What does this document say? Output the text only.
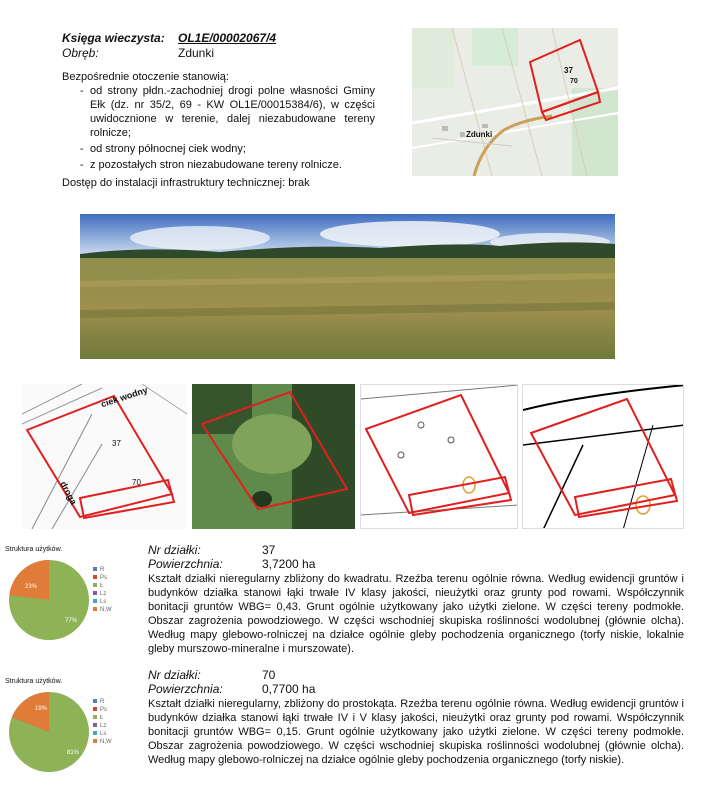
Księga wieczysta: OL1E/00002067/4
Obręb:	Zdunki
Bezpośrednie otoczenie stanowią:
- od strony płdn.-zachodniej drogi polne własności Gminy Ełk (dz. nr 35/2, 69 - KW OL1E/00015384/6), w części uwidocznione w terenie, dalej niezabudowane tereny rolnicze;
- od strony północnej ciek wodny;
- z pozostałych stron niezabudowane tereny rolnicze.
Dostęp do instalacji infrastruktury technicznej: brak
37
70
Zdunki
ciek wodny
37
70
droga
Struktura użytków.
23%
77%
R
Ps
Ł
Lz
Ls
N,W
Nr działki:	37
Powierzchnia:	3,7200 ha
Kształt działki nieregularny zbliżony do kwadratu. Rzeźba terenu ogólnie równa. Według ewidencji gruntów i budynków działka stanowi łąki trwałe IV klasy jakości, nieużytki oraz grunty pod rowami. Współczynnik bonitacji gruntów WBG= 0,43. Grunt ogólnie użytkowany jako użytki zielone. W części tereny podmokłe. Obszar zagrożenia powodziowego. W części wschodniej skupiska roślinności wodolubnej (głównie olcha). Według mapy glebowo-rolniczej na działce ogólnie gleby pochodzenia organicznego (torfy niskie, lokalnie gleby murszowo-mineralne i murszowate).
Struktura użytków.
19%
81%
R
Ps
Ł
Lz
Ls
N,W
Nr działki:	70
Powierzchnia:	0,7700 ha
Kształt działki nieregularny, zbliżony do prostokąta. Rzeźba terenu ogólnie równa. Według ewidencji gruntów i budynków działka stanowi łąki trwałe IV i V klasy jakości, nieużytki oraz grunty pod rowami. Współczynnik bonitacji gruntów WBG= 0,15. Grunt ogólnie użytkowany jako użytki zielone. W części tereny podmokłe. Obszar zagrożenia powodziowego. W części wschodniej skupiska roślinności wodolubnej (głównie olcha). Według mapy glebowo-rolniczej na działce ogólnie gleby pochodzenia organicznego (torfy niskie).
